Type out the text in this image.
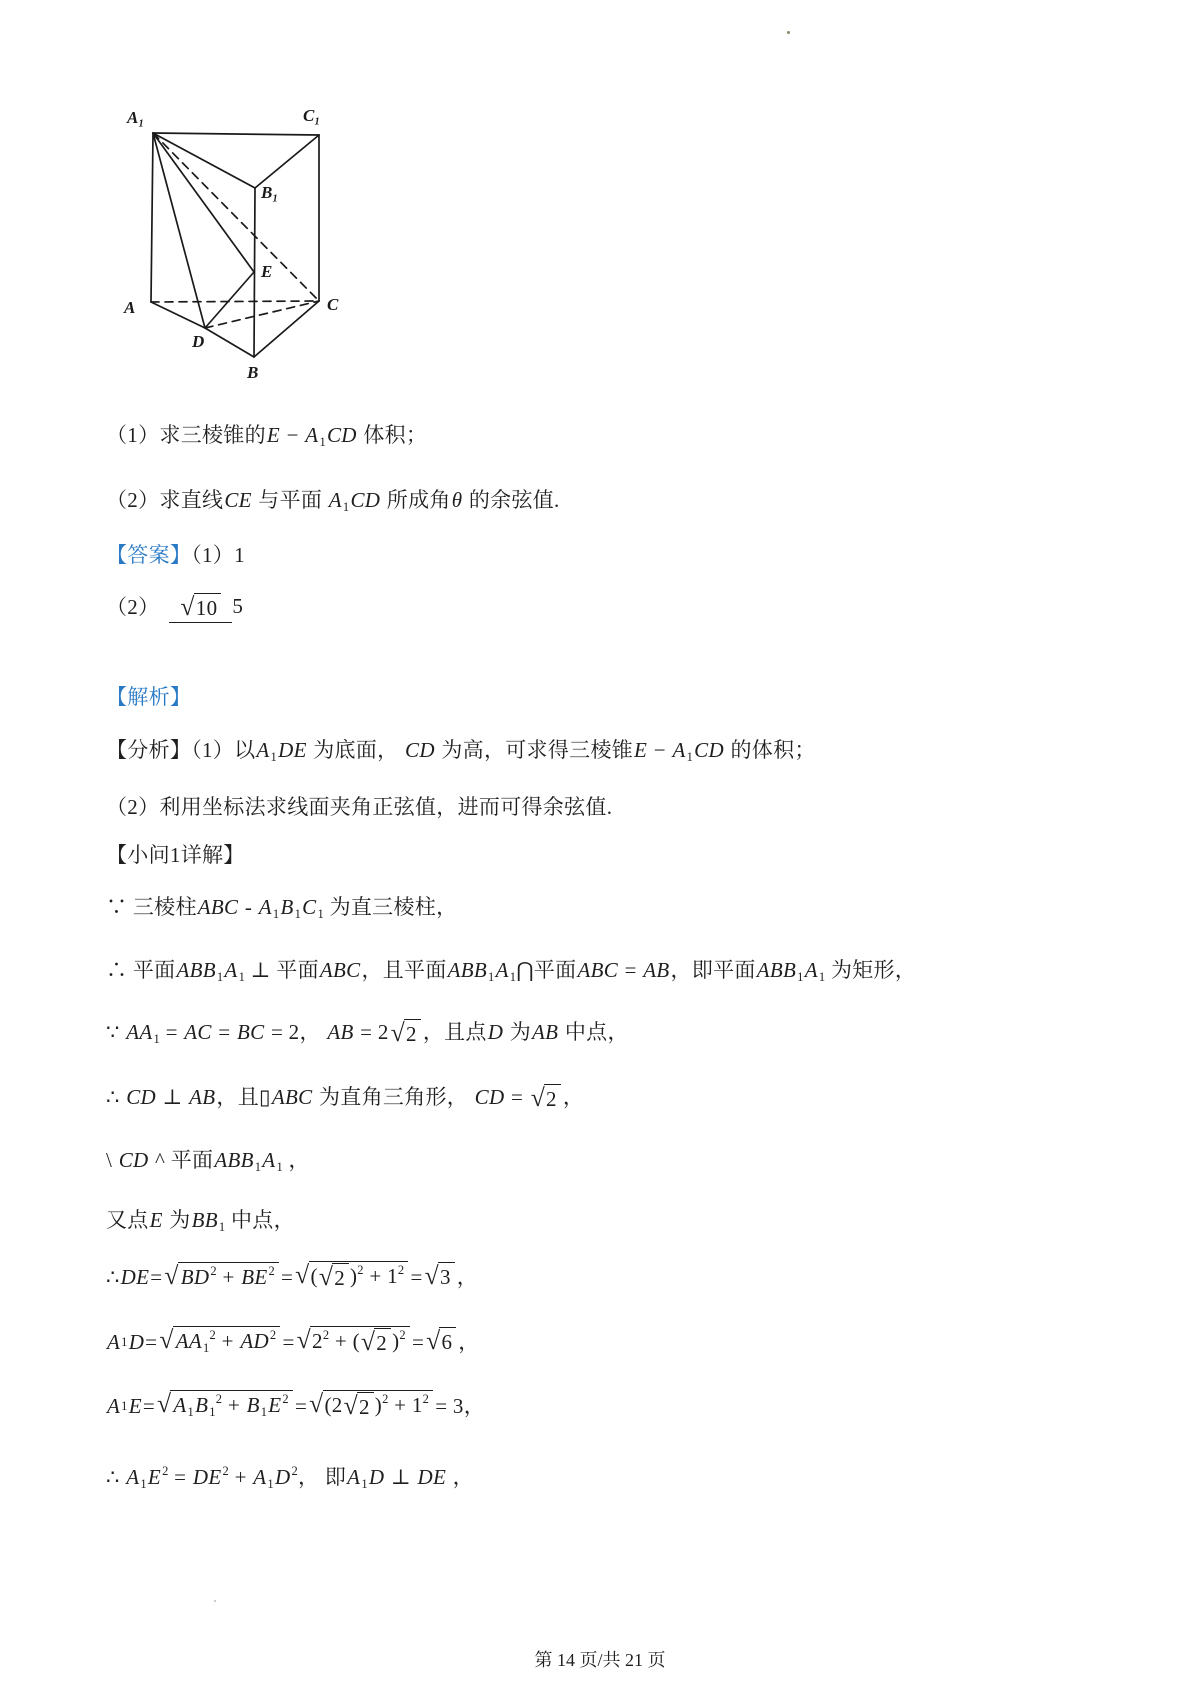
A₁	C₁
B₁
E
A	C
D
B
（1）求三棱锥的$E - A_1CD$ 体积；
（2）求直线CE 与平面 $A_1CD$ 所成角θ 的余弦值.
【答案】（1）1
（2） √10 5
【解析】
【分析】（1）以$A_1DE$ 为底面， CD 为高，可求得三棱锥$E - A_1CD$ 的体积；
（2）利用坐标法求线面夹角正弦值，进而可得余弦值.
【小问1详解】
∵ 三棱柱ABC - $A_1B_1C_1$ 为直三棱柱，
∴ 平面$ABB_1A_1$ ⊥ 平面ABC，且平面$ABB_1A_1⋂$平面ABC = AB，即平面$ABB_1A_1$ 为矩形，
∵ $AA_1$ = AC = BC = 2， AB = 2√2 ，且点D 为AB 中点，
∴ CD ⊥ AB，且▯ABC 为直角三角形， CD = √2 ，
\ CD ^ 平面$ABB_1A_1$ ，
又点E 为$BB_1$ 中点，
∴ DE = $√BD^2 + BE^2 = √(√2$ )$^2 + 1^2 = √3$ ，
A 1 $D = √AA_1^2 + AD^2 = √2^2 + (√2$ )$^2$ = √6 ，
A 1 $E = √A_1B_1^2 + B_1E^2 = √(2√2$ )$^2 + 1^2 = 3$ ，
∴ $A_1E^2 = DE^2 + A_1D^2$， 即$A_1D$ ⊥ DE ，
第 14 页/共 21 页
